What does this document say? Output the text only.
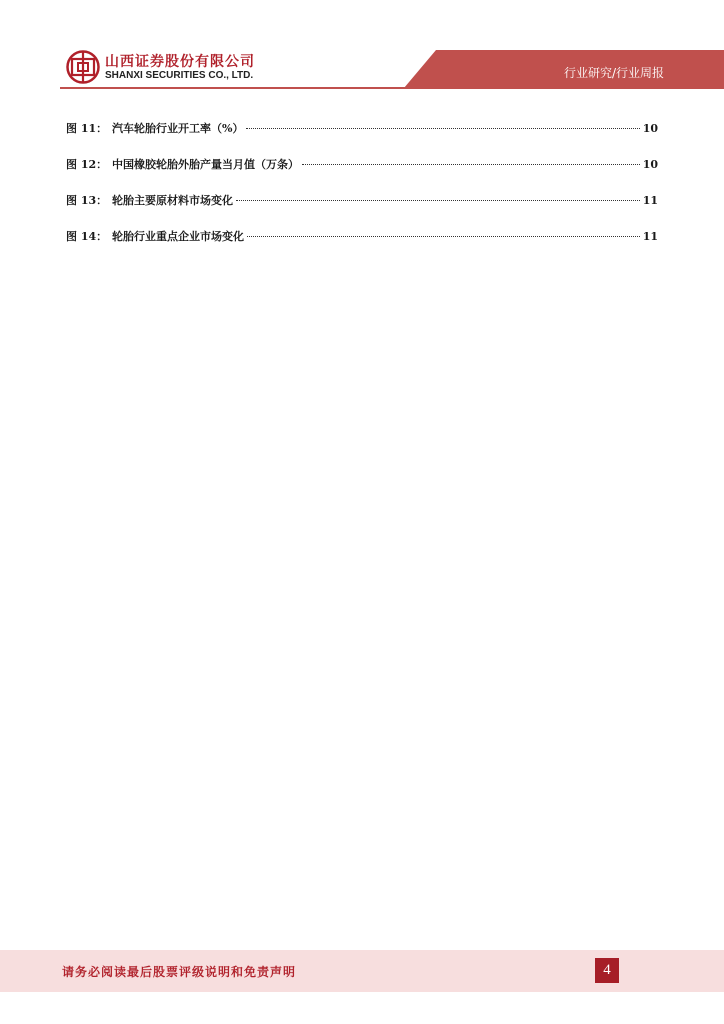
山西证券股份有限公司
SHANXI SECURITIES CO., LTD.	行业研究/行业周报
图 11： 汽车轮胎行业开工率（%）	10
图 12： 中国橡胶轮胎外胎产量当月值（万条）	10
图 13： 轮胎主要原材料市场变化	11
图 14： 轮胎行业重点企业市场变化	11
请务必阅读最后股票评级说明和免责声明	4
